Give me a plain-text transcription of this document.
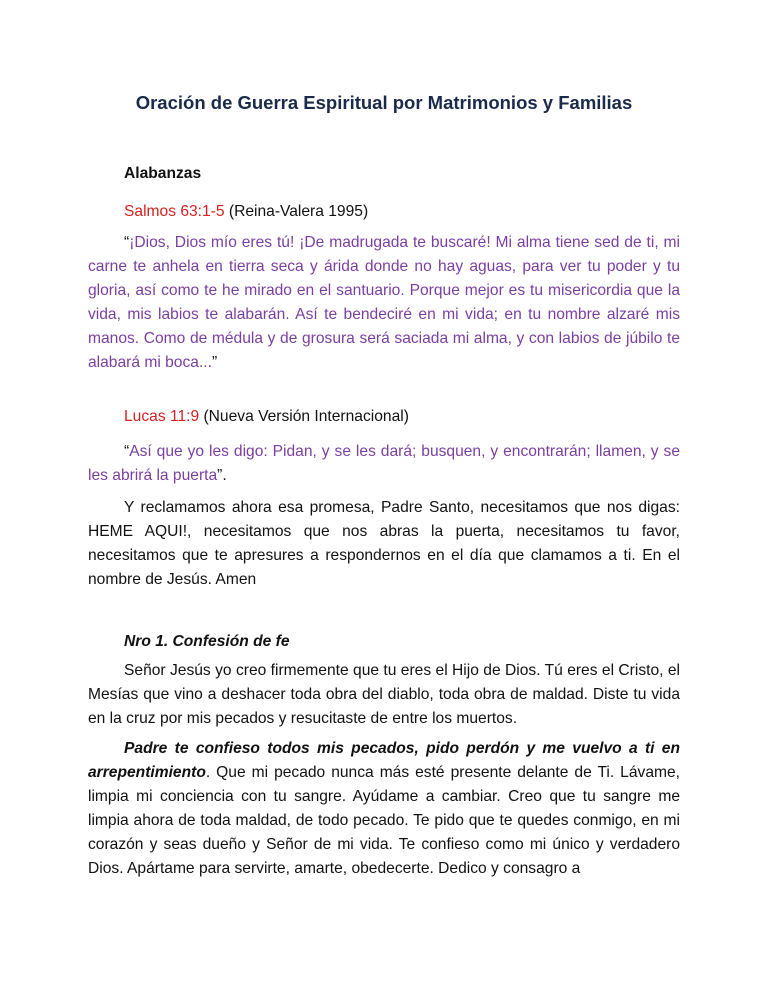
Oración de Guerra Espiritual por Matrimonios y Familias
Alabanzas
Salmos 63:1-5 (Reina-Valera 1995)
“¡Dios, Dios mío eres tú! ¡De madrugada te buscaré! Mi alma tiene sed de ti, mi carne te anhela en tierra seca y árida donde no hay aguas, para ver tu poder y tu gloria, así como te he mirado en el santuario. Porque mejor es tu misericordia que la vida, mis labios te alabarán. Así te bendeciré en mi vida; en tu nombre alzaré mis manos. Como de médula y de grosura será saciada mi alma, y con labios de júbilo te alabará mi boca...”
Lucas 11:9 (Nueva Versión Internacional)
“Así que yo les digo: Pidan, y se les dará; busquen, y encontrarán; llamen, y se les abrirá la puerta”.
Y reclamamos ahora esa promesa, Padre Santo, necesitamos que nos digas: HEME AQUI!, necesitamos que nos abras la puerta, necesitamos tu favor, necesitamos que te apresures a respondernos en el día que clamamos a ti. En el nombre de Jesús. Amen
Nro 1. Confesión de fe
Señor Jesús yo creo firmemente que tu eres el Hijo de Dios. Tú eres el Cristo, el Mesías que vino a deshacer toda obra del diablo, toda obra de maldad. Diste tu vida en la cruz por mis pecados y resucitaste de entre los muertos.
Padre te confieso todos mis pecados, pido perdón y me vuelvo a ti en arrepentimiento. Que mi pecado nunca más esté presente delante de Ti. Lávame, limpia mi conciencia con tu sangre. Ayúdame a cambiar. Creo que tu sangre me limpia ahora de toda maldad, de todo pecado. Te pido que te quedes conmigo, en mi corazón y seas dueño y Señor de mi vida. Te confieso como mi único y verdadero Dios. Apártame para servirte, amarte, obedecerte. Dedico y consagro a
